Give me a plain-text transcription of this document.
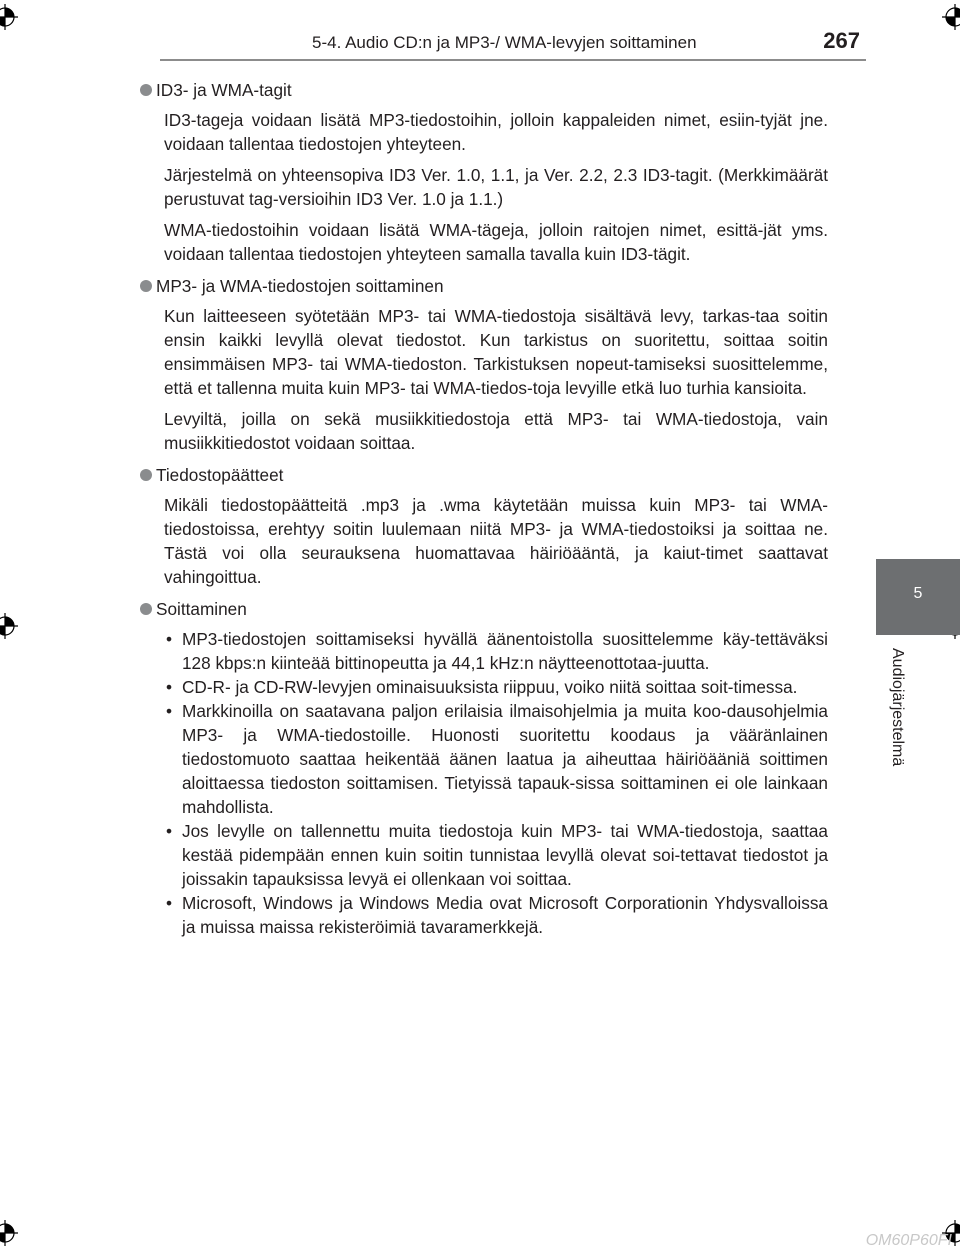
5-4. Audio CD:n ja MP3-/ WMA-levyjen soittaminen	267
5
Audiojärjestelmä
ID3- ja WMA-tagit

ID3-tageja voidaan lisätä MP3-tiedostoihin, jolloin kappaleiden nimet, esiin-tyjät jne. voidaan tallentaa tiedostojen yhteyteen.

Järjestelmä on yhteensopiva ID3 Ver. 1.0, 1.1, ja Ver. 2.2, 2.3 ID3-tagit. (Merkkimäärät perustuvat tag-versioihin ID3 Ver. 1.0 ja 1.1.)

WMA-tiedostoihin voidaan lisätä WMA-tägeja, jolloin raitojen nimet, esittä-jät yms. voidaan tallentaa tiedostojen yhteyteen samalla tavalla kuin ID3-tägit.

MP3- ja WMA-tiedostojen soittaminen

Kun laitteeseen syötetään MP3- tai WMA-tiedostoja sisältävä levy, tarkas-taa soitin ensin kaikki levyllä olevat tiedostot. Kun tarkistus on suoritettu, soittaa soitin ensimmäisen MP3- tai WMA-tiedoston. Tarkistuksen nopeut-tamiseksi suosittelemme, että et tallenna muita kuin MP3- tai WMA-tiedos-toja levyille etkä luo turhia kansioita.

Levyiltä, joilla on sekä musiikkitiedostoja että MP3- tai WMA-tiedostoja, vain musiikkitiedostot voidaan soittaa.

Tiedostopäätteet

Mikäli tiedostopäätteitä .mp3 ja .wma käytetään muissa kuin MP3- tai WMA-tiedostoissa, erehtyy soitin luulemaan niitä MP3- ja WMA-tiedostoiksi ja soittaa ne. Tästä voi olla seurauksena huomattavaa häiriöääntä, ja kaiut-timet saattavat vahingoittua.

Soittaminen
• MP3-tiedostojen soittamiseksi hyvällä äänentoistolla suosittelemme käy-tettäväksi 128 kbps:n kiinteää bittinopeutta ja 44,1 kHz:n näytteenottotaa-juutta.
• CD-R- ja CD-RW-levyjen ominaisuuksista riippuu, voiko niitä soittaa soit-timessa.
• Markkinoilla on saatavana paljon erilaisia ilmaisohjelmia ja muita koo-dausohjelmia MP3- ja WMA-tiedostoille. Huonosti suoritettu koodaus ja vääränlainen tiedostomuoto saattaa heikentää äänen laatua ja aiheuttaa häiriöääniä soittimen aloittaessa tiedoston soittamisen. Tietyissä tapauk-sissa soittaminen ei ole lainkaan mahdollista.
• Jos levylle on tallennettu muita tiedostoja kuin MP3- tai WMA-tiedostoja, saattaa kestää pidempään ennen kuin soitin tunnistaa levyllä olevat soi-tettavat tiedostot ja joissakin tapauksissa levyä ei ollenkaan voi soittaa.
• Microsoft, Windows ja Windows Media ovat Microsoft Corporationin Yhdysvalloissa ja muissa maissa rekisteröimiä tavaramerkkejä.
OM60P60FI
